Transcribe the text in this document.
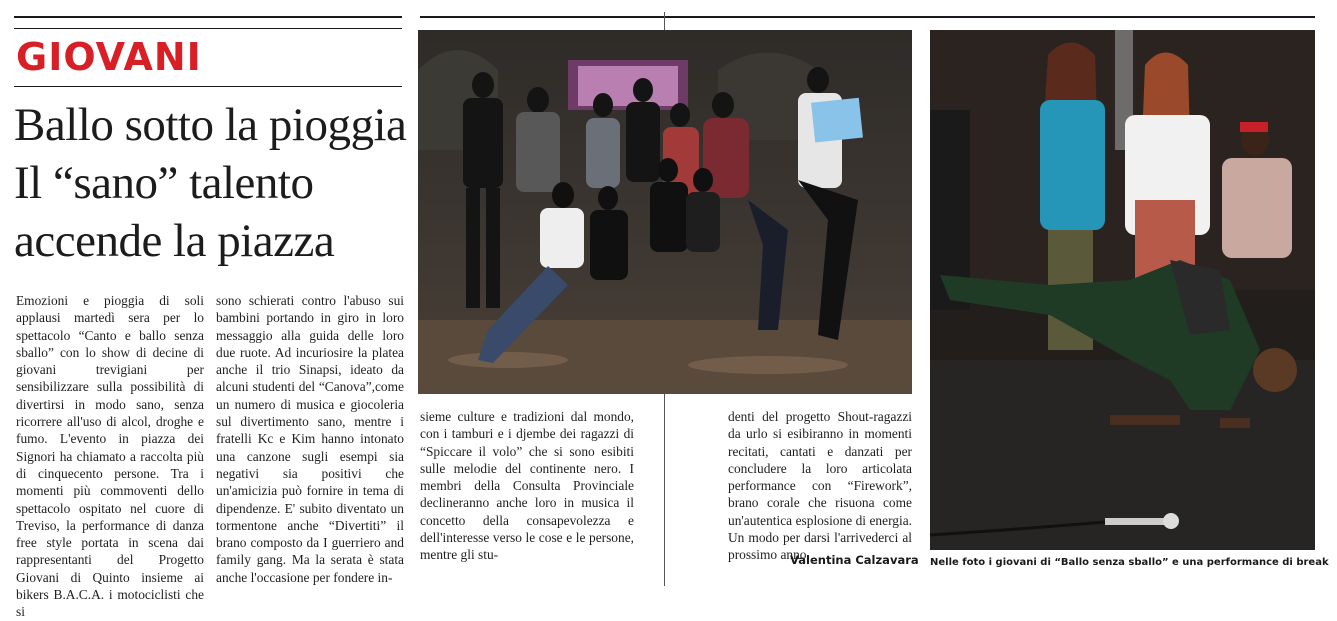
GIOVANI
Ballo sotto la pioggia
Il “sano” talento
accende la piazza

Emozioni e pioggia di soli applausi martedì sera per lo spettacolo “Canto e ballo senza sballo” con lo show di decine di giovani trevigiani per sensibilizzare sulla possibilità di divertirsi in modo sano, senza ricorrere all'uso di alcol, droghe e fumo. L'evento in piazza dei Signori ha chiamato a raccolta più di cinquecento persone. Tra i momenti più commoventi dello spettacolo ospitato nel cuore di Treviso, la performance di danza free style portata in scena dai rappresentanti del Progetto Giovani di Quinto insieme ai bikers B.A.C.A. i motociclisti che si

sono schierati contro l'abuso sui bambini portando in giro in loro messaggio alla guida delle loro due ruote. Ad incuriosire la platea anche il trio Sinapsi, ideato da alcuni studenti del “Canova”,come un numero di musica e giocoleria sul divertimento sano, mentre i fratelli Kc e Kim hanno intonato una canzone sugli esempi sia negativi sia positivi che un'amicizia può fornire in tema di dipendenze. E' subito diventato un tormentone anche “Divertiti” il brano composto da I guerriero and family gang. Ma la serata è stata anche l'occasione per fondere in-

sieme culture e tradizioni dal mondo, con i tamburi e i djembe dei ragazzi di “Spiccare il volo” che si sono esibiti sulle melodie del continente nero. I membri della Consulta Provinciale declineranno anche loro in musica il concetto della consapevolezza e dell'interesse verso le cose e le persone, mentre gli stu-

denti del progetto Shout-ragazzi da urlo si esibiranno in momenti recitati, cantati e danzati per concludere la loro articolata performance con “Firework”, brano corale che risuona come un'autentica esplosione di energia. Un modo per darsi l'arrivederci al prossimo anno.

Valentina Calzavara Nelle foto i giovani di “Ballo senza sballo” e una performance di break
